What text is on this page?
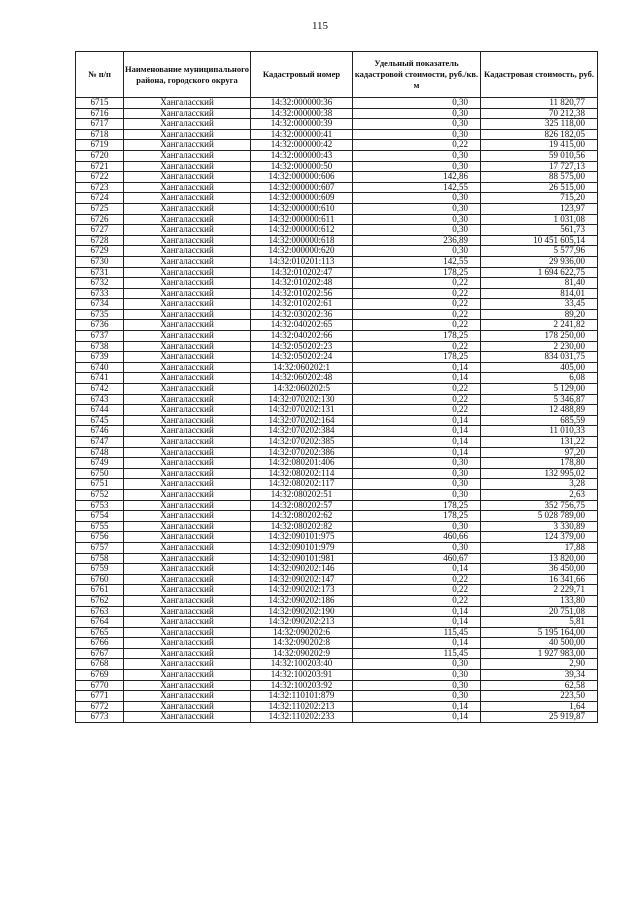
115
№ п/п	Наименование муниципального района, городского округа	Кадастровый номер	Удельный показатель кадастровой стоимости, руб./кв. м	Кадастровая стоимость, руб.
6715	Хангаласский	14:32:000000:36	0,30	11 820,77
6716	Хангаласский	14:32:000000:38	0,30	70 212,38
6717	Хангаласский	14:32:000000:39	0,30	325 118,00
6718	Хангаласский	14:32:000000:41	0,30	826 182,05
6719	Хангаласский	14:32:000000:42	0,22	19 415,00
6720	Хангаласский	14:32:000000:43	0,30	59 010,56
6721	Хангаласский	14:32:000000:50	0,30	17 727,13
6722	Хангаласский	14:32:000000:606	142,86	88 575,00
6723	Хангаласский	14:32:000000:607	142,55	26 515,00
6724	Хангаласский	14:32:000000:609	0,30	715,20
6725	Хангаласский	14:32:000000:610	0,30	123,97
6726	Хангаласский	14:32:000000:611	0,30	1 031,08
6727	Хангаласский	14:32:000000:612	0,30	561,73
6728	Хангаласский	14:32:000000:618	236,89	10 451 605,14
6729	Хангаласский	14:32:000000:620	0,30	5 577,96
6730	Хангаласский	14:32:010201:113	142,55	29 936,00
6731	Хангаласский	14:32:010202:47	178,25	1 694 622,75
6732	Хангаласский	14:32:010202:48	0,22	81,40
6733	Хангаласский	14:32:010202:56	0,22	814,01
6734	Хангаласский	14:32:010202:61	0,22	33,45
6735	Хангаласский	14:32:030202:36	0,22	89,20
6736	Хангаласский	14:32:040202:65	0,22	2 241,82
6737	Хангаласский	14:32:040202:66	178,25	178 250,00
6738	Хангаласский	14:32:050202:23	0,22	2 230,00
6739	Хангаласский	14:32:050202:24	178,25	834 031,75
6740	Хангаласский	14:32:060202:1	0,14	405,00
6741	Хангаласский	14:32:060202:48	0,14	6,08
6742	Хангаласский	14:32:060202:5	0,22	5 129,00
6743	Хангаласский	14:32:070202:130	0,22	5 346,87
6744	Хангаласский	14:32:070202:131	0,22	12 488,89
6745	Хангаласский	14:32:070202:164	0,14	685,59
6746	Хангаласский	14:32:070202:384	0,14	11 010,33
6747	Хангаласский	14:32:070202:385	0,14	131,22
6748	Хангаласский	14:32:070202:386	0,14	97,20
6749	Хангаласский	14:32:080201:406	0,30	178,80
6750	Хангаласский	14:32:080202:114	0,30	132 995,02
6751	Хангаласский	14:32:080202:117	0,30	3,28
6752	Хангаласский	14:32:080202:51	0,30	2,63
6753	Хангаласский	14:32:080202:57	178,25	352 756,75
6754	Хангаласский	14:32:080202:62	178,25	5 028 789,00
6755	Хангаласский	14:32:080202:82	0,30	3 330,89
6756	Хангаласский	14:32:090101:975	460,66	124 379,00
6757	Хангаласский	14:32:090101:979	0,30	17,88
6758	Хангаласский	14:32:090101:981	460,67	13 820,00
6759	Хангаласский	14:32:090202:146	0,14	36 450,00
6760	Хангаласский	14:32:090202:147	0,22	16 341,66
6761	Хангаласский	14:32:090202:173	0,22	2 229,71
6762	Хангаласский	14:32:090202:186	0,22	133,80
6763	Хангаласский	14:32:090202:190	0,14	20 751,08
6764	Хангаласский	14:32:090202:213	0,14	5,81
6765	Хангаласский	14:32:090202:6	115,45	5 195 164,00
6766	Хангаласский	14:32:090202:8	0,14	40 500,00
6767	Хангаласский	14:32:090202:9	115,45	1 927 983,00
6768	Хангаласский	14:32:100203:40	0,30	2,90
6769	Хангаласский	14:32:100203:91	0,30	39,34
6770	Хангаласский	14:32:100203:92	0,30	62,58
6771	Хангаласский	14:32:110101:879	0,30	223,50
6772	Хангаласский	14:32:110202:213	0,14	1,64
6773	Хангаласский	14:32:110202:233	0,14	25 919,87
